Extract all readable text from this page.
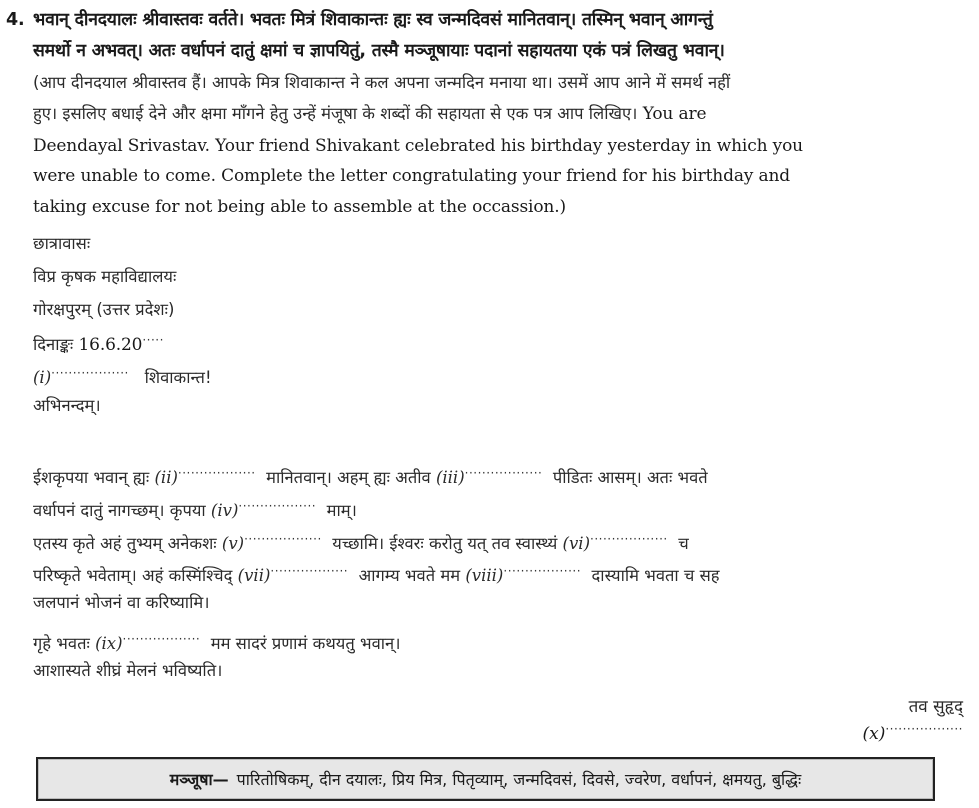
4. भवान् दीनदयालः श्रीवास्तवः वर्तते। भवतः मित्रं शिवाकान्तः ह्यः स्व जन्मदिवसं मानितवान्। तस्मिन् भवान् आगन्तुं
समर्थो न अभवत्। अतः वर्धापनं दातुं क्षमां च ज्ञापयितुं, तस्मै मञ्जूषायाः पदानां सहायतया एकं पत्रं लिखतु भवान्।
(आप दीनदयाल श्रीवास्तव हैं। आपके मित्र शिवाकान्त ने कल अपना जन्मदिन मनाया था। उसमें आप आने में समर्थ नहीं
हुए। इसलिए बधाई देने और क्षमा माँगने हेतु उन्हें मंजूषा के शब्दों की सहायता से एक पत्र आप लिखिए। You are
Deendayal Srivastav. Your friend Shivakant celebrated his birthday yesterday in which you
were unable to come. Complete the letter congratulating your friend for his birthday and
taking excuse for not being able to assemble at the occassion.)
छात्रावासः
विप्र कृषक महाविद्यालयः
गोरक्षपुरम् (उत्तर प्रदेशः)
दिनाङ्कः 16.6.20·····
(i)·················· शिवाकान्त!
अभिनन्दम्।
ईशकृपया भवान् ह्यः (ii)·················· मानितवान्। अहम् ह्यः अतीव (iii)·················· पीडितः आसम्। अतः भवते
वर्धापनं दातुं नागच्छम्। कृपया (iv)·················· माम्।
एतस्य कृते अहं तुभ्यम् अनेकशः (v)·················· यच्छामि। ईश्वरः करोतु यत् तव स्वास्थ्यं (vi)·················· च
परिष्कृते भवेताम्। अहं कस्मिंश्चिद् (vii)·················· आगम्य भवते मम (viii)·················· दास्यामि भवता च सह
जलपानं भोजनं वा करिष्यामि।
गृहे भवतः (ix)·················· मम सादरं प्रणामं कथयतु भवान्।
आशास्यते शीघ्रं मेलनं भविष्यति।
तव सुहृद्
(x)··················
मञ्जूषा— पारितोषिकम्, दीन दयालः, प्रिय मित्र, पितृव्याम्, जन्मदिवसं, दिवसे, ज्वरेण, वर्धापनं, क्षमयतु, बुद्धिः
